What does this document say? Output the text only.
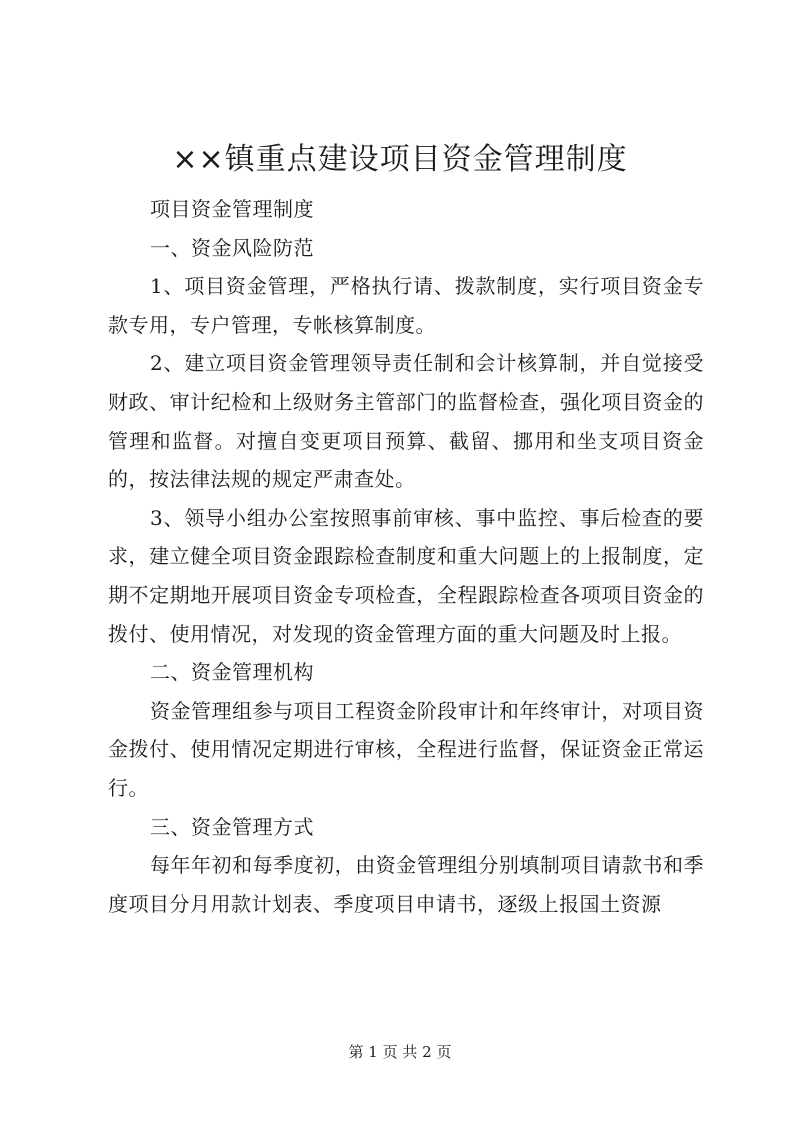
××镇重点建设项目资金管理制度

项目资金管理制度

一、资金风险防范

1、项目资金管理，严格执行请、拨款制度，实行项目资金专款专用，专户管理，专帐核算制度。

2、建立项目资金管理领导责任制和会计核算制，并自觉接受财政、审计纪检和上级财务主管部门的监督检查，强化项目资金的管理和监督。对擅自变更项目预算、截留、挪用和坐支项目资金的，按法律法规的规定严肃查处。

3、领导小组办公室按照事前审核、事中监控、事后检查的要求，建立健全项目资金跟踪检查制度和重大问题上的上报制度，定期不定期地开展项目资金专项检查，全程跟踪检查各项项目资金的拨付、使用情况，对发现的资金管理方面的重大问题及时上报。

二、资金管理机构

资金管理组参与项目工程资金阶段审计和年终审计，对项目资金拨付、使用情况定期进行审核，全程进行监督，保证资金正常运行。

三、资金管理方式

每年年初和每季度初，由资金管理组分别填制项目请款书和季度项目分月用款计划表、季度项目申请书，逐级上报国土资源

第 1 页 共 2 页
